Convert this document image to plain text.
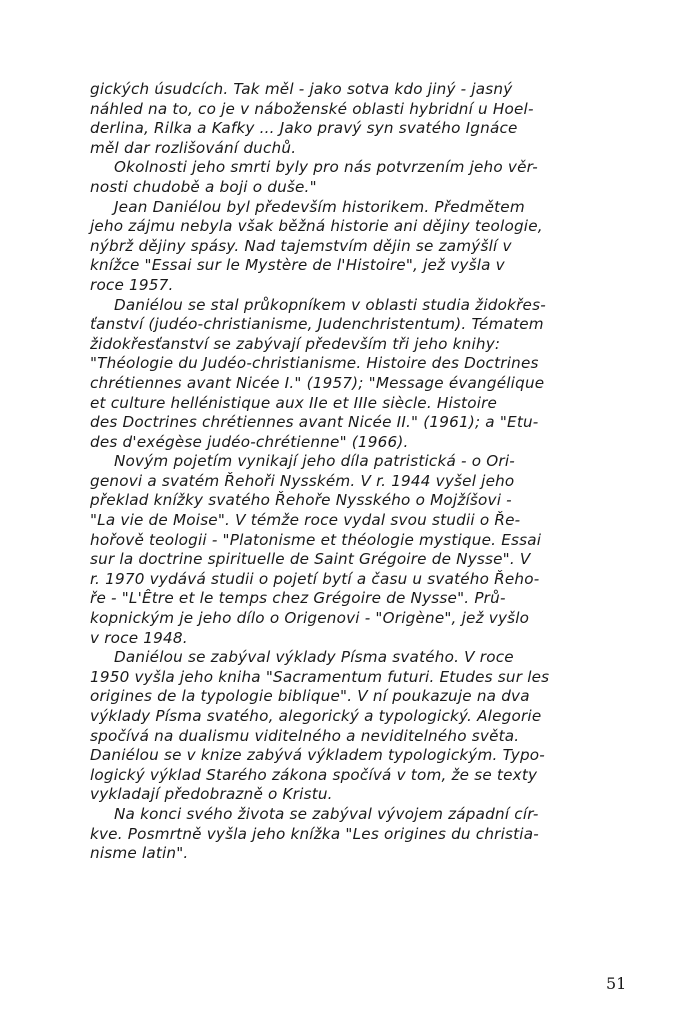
gických úsudcích. Tak měl - jako sotva kdo jiný - jasný
náhled na to, co je v náboženské oblasti hybridní u Hoel-
derlina, Rilka a Kafky ... Jako pravý syn svatého Ignáce
měl dar rozlišování duchů.
Okolnosti jeho smrti byly pro nás potvrzením jeho věr-
nosti chudobě a boji o duše."
Jean Daniélou byl především historikem. Předmětem
jeho zájmu nebyla však běžná historie ani dějiny teologie,
nýbrž dějiny spásy. Nad tajemstvím dějin se zamýšlí v
knížce "Essai sur le Mystère de l'Histoire", jež vyšla v
roce 1957.
Daniélou se stal průkopníkem v oblasti studia židokřes-
ťanství (judéo-christianisme, Judenchristentum). Tématem
židokřesťanství se zabývají především tři jeho knihy:
"Théologie du Judéo-christianisme. Histoire des Doctrines
chrétiennes avant Nicée I." (1957); "Message évangélique
et culture hellénistique aux IIe et IIIe siècle. Histoire
des Doctrines chrétiennes avant Nicée II." (1961); a "Etu-
des d'exégèse judéo-chrétienne" (1966).
Novým pojetím vynikají jeho díla patristická - o Ori-
genovi a svatém Řehoři Nysském. V r. 1944 vyšel jeho
překlad knížky svatého Řehoře Nysského o Mojžíšovi -
"La vie de Moise". V témže roce vydal svou studii o Ře-
hořově teologii - "Platonisme et théologie mystique. Essai
sur la doctrine spirituelle de Saint Grégoire de Nysse". V
r. 1970 vydává studii o pojetí bytí a času u svatého Řeho-
ře - "L'Être et le temps chez Grégoire de Nysse". Prů-
kopnickým je jeho dílo o Origenovi - "Origène", jež vyšlo
v roce 1948.
Daniélou se zabýval výklady Písma svatého. V roce
1950 vyšla jeho kniha "Sacramentum futuri. Etudes sur les
origines de la typologie biblique". V ní poukazuje na dva
výklady Písma svatého, alegorický a typologický. Alegorie
spočívá na dualismu viditelného a neviditelného světa.
Daniélou se v knize zabývá výkladem typologickým. Typo-
logický výklad Starého zákona spočívá v tom, že se texty
vykladají předobrazně o Kristu.
Na konci svého života se zabýval vývojem západní cír-
kve. Posmrtně vyšla jeho knížka "Les origines du christia-
nisme latin".
51
